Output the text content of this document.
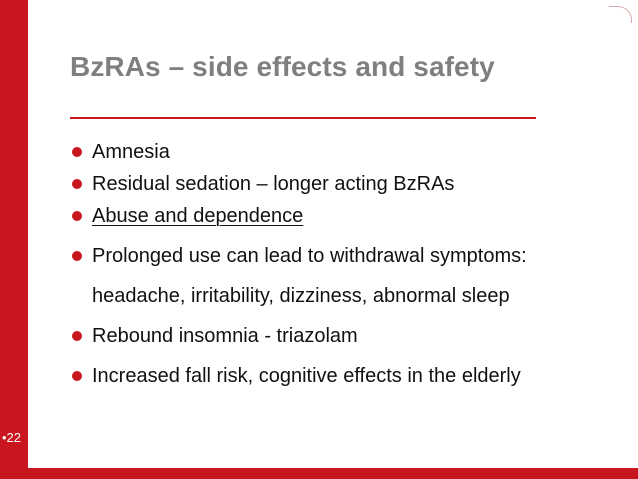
BzRAs – side effects and safety
Amnesia
Residual sedation – longer acting BzRAs
Abuse and dependence
Prolonged use can lead to withdrawal symptoms:
headache, irritability, dizziness, abnormal sleep
Rebound insomnia - triazolam
Increased fall risk, cognitive effects in the elderly
•22
